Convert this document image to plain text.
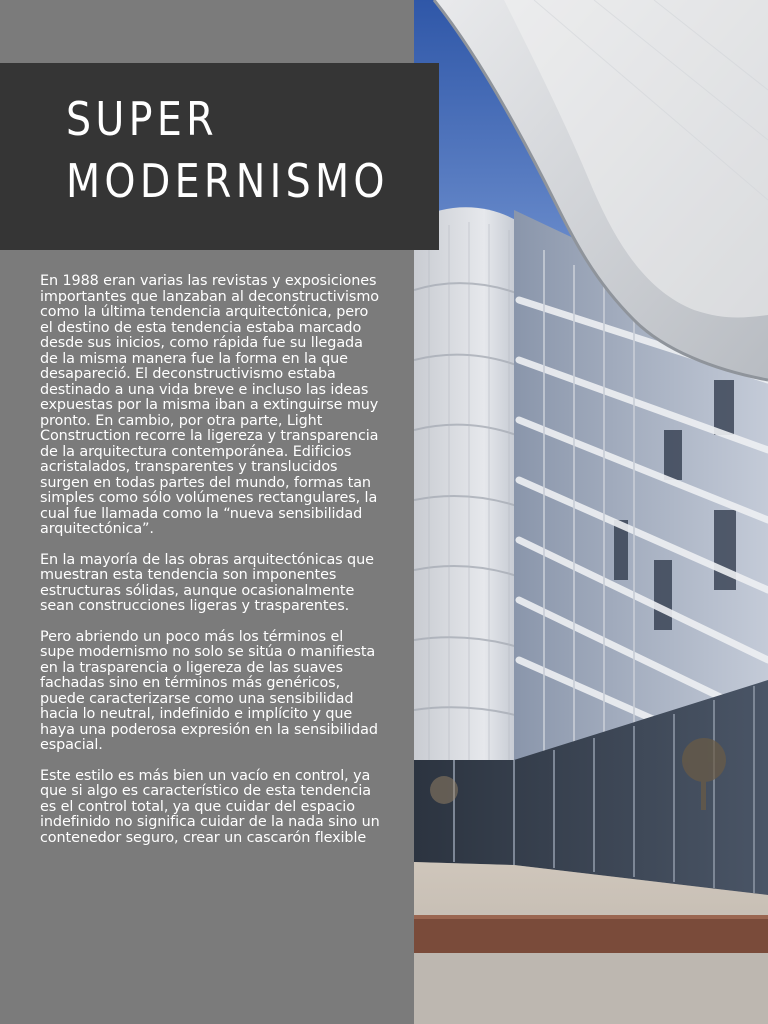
SUPER
MODERNISMO

En 1988 eran varias las revistas y exposiciones importantes que lanzaban al deconstructivismo como la última tendencia arquitectónica, pero el destino de esta tendencia estaba marcado desde sus inicios, como rápida fue su llegada de la misma manera fue la forma en la que desapareció. El deconstructivismo estaba destinado a una vida breve e incluso las ideas expuestas por la misma iban a extinguirse muy pronto. En cambio, por otra parte, Light Construction recorre la ligereza y transparencia de la arquitectura contemporánea. Edificios acristalados, transparentes y translucidos surgen en todas partes del mundo, formas tan simples como sólo volúmenes rectangulares, la cual fue llamada como la “nueva sensibilidad arquitectónica”.

En la mayoría de las obras arquitectónicas que muestran esta tendencia son imponentes estructuras sólidas, aunque ocasionalmente sean construcciones ligeras y trasparentes.

Pero abriendo un poco más los términos el supe modernismo no solo se sitúa o manifiesta en la trasparencia o ligereza de las suaves fachadas sino en términos más genéricos, puede caracterizarse como una sensibilidad hacia lo neutral, indefinido e implícito y que haya una poderosa expresión en la sensibilidad espacial.

Este estilo es más bien un vacío en control, ya que si algo es característico de esta tendencia es el control total, ya que cuidar del espacio indefinido no significa cuidar de la nada sino un contenedor seguro, crear un cascarón flexible
